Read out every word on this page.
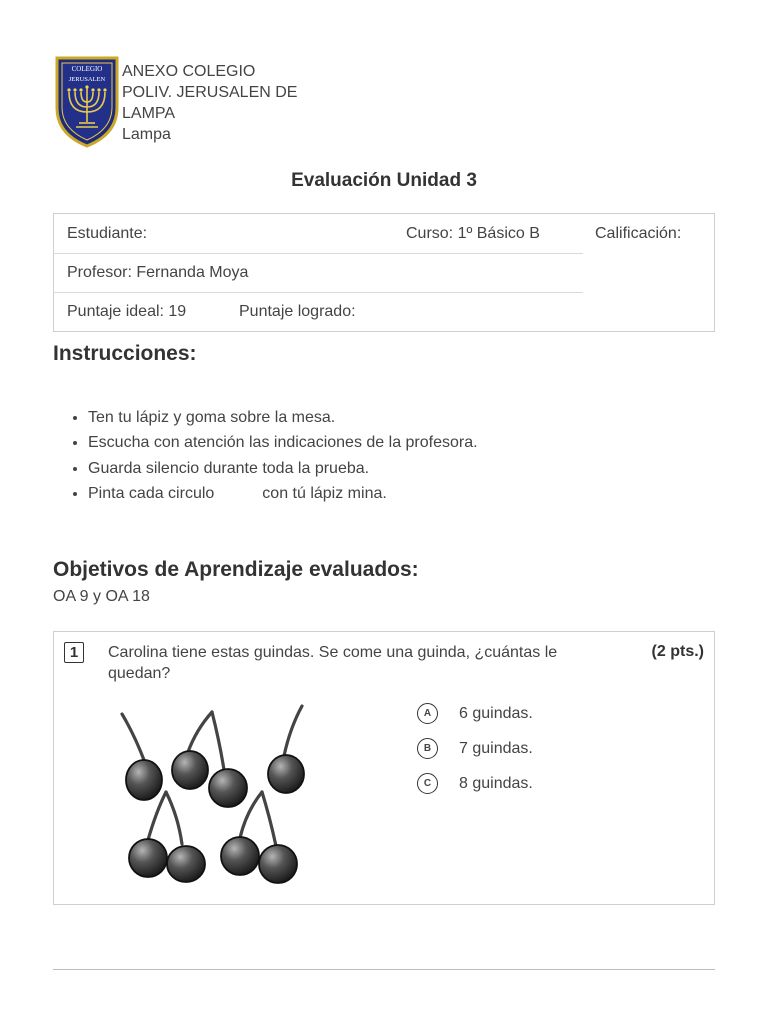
COLEGIO
JERUSALEN ANEXO COLEGIO
POLIV. JERUSALEN DE
LAMPA
Lampa
Evaluación Unidad 3
Estudiante:	Curso: 1º Básico B	Calificación:
Profesor: Fernanda Moya
Puntaje ideal: 19	Puntaje logrado:
Instrucciones:
• Ten tu lápiz y goma sobre la mesa.
• Escucha con atención las indicaciones de la profesora.
• Guarda silencio durante toda la prueba.
• Pinta cada circulo	con tú lápiz mina.
Objetivos de Aprendizaje evaluados:
OA 9 y OA 18
1	Carolina tiene estas guindas. Se come una guinda, ¿cuántas le quedan?
(2 pts.)
A 6 guindas.
B 7 guindas.
C 8 guindas.
